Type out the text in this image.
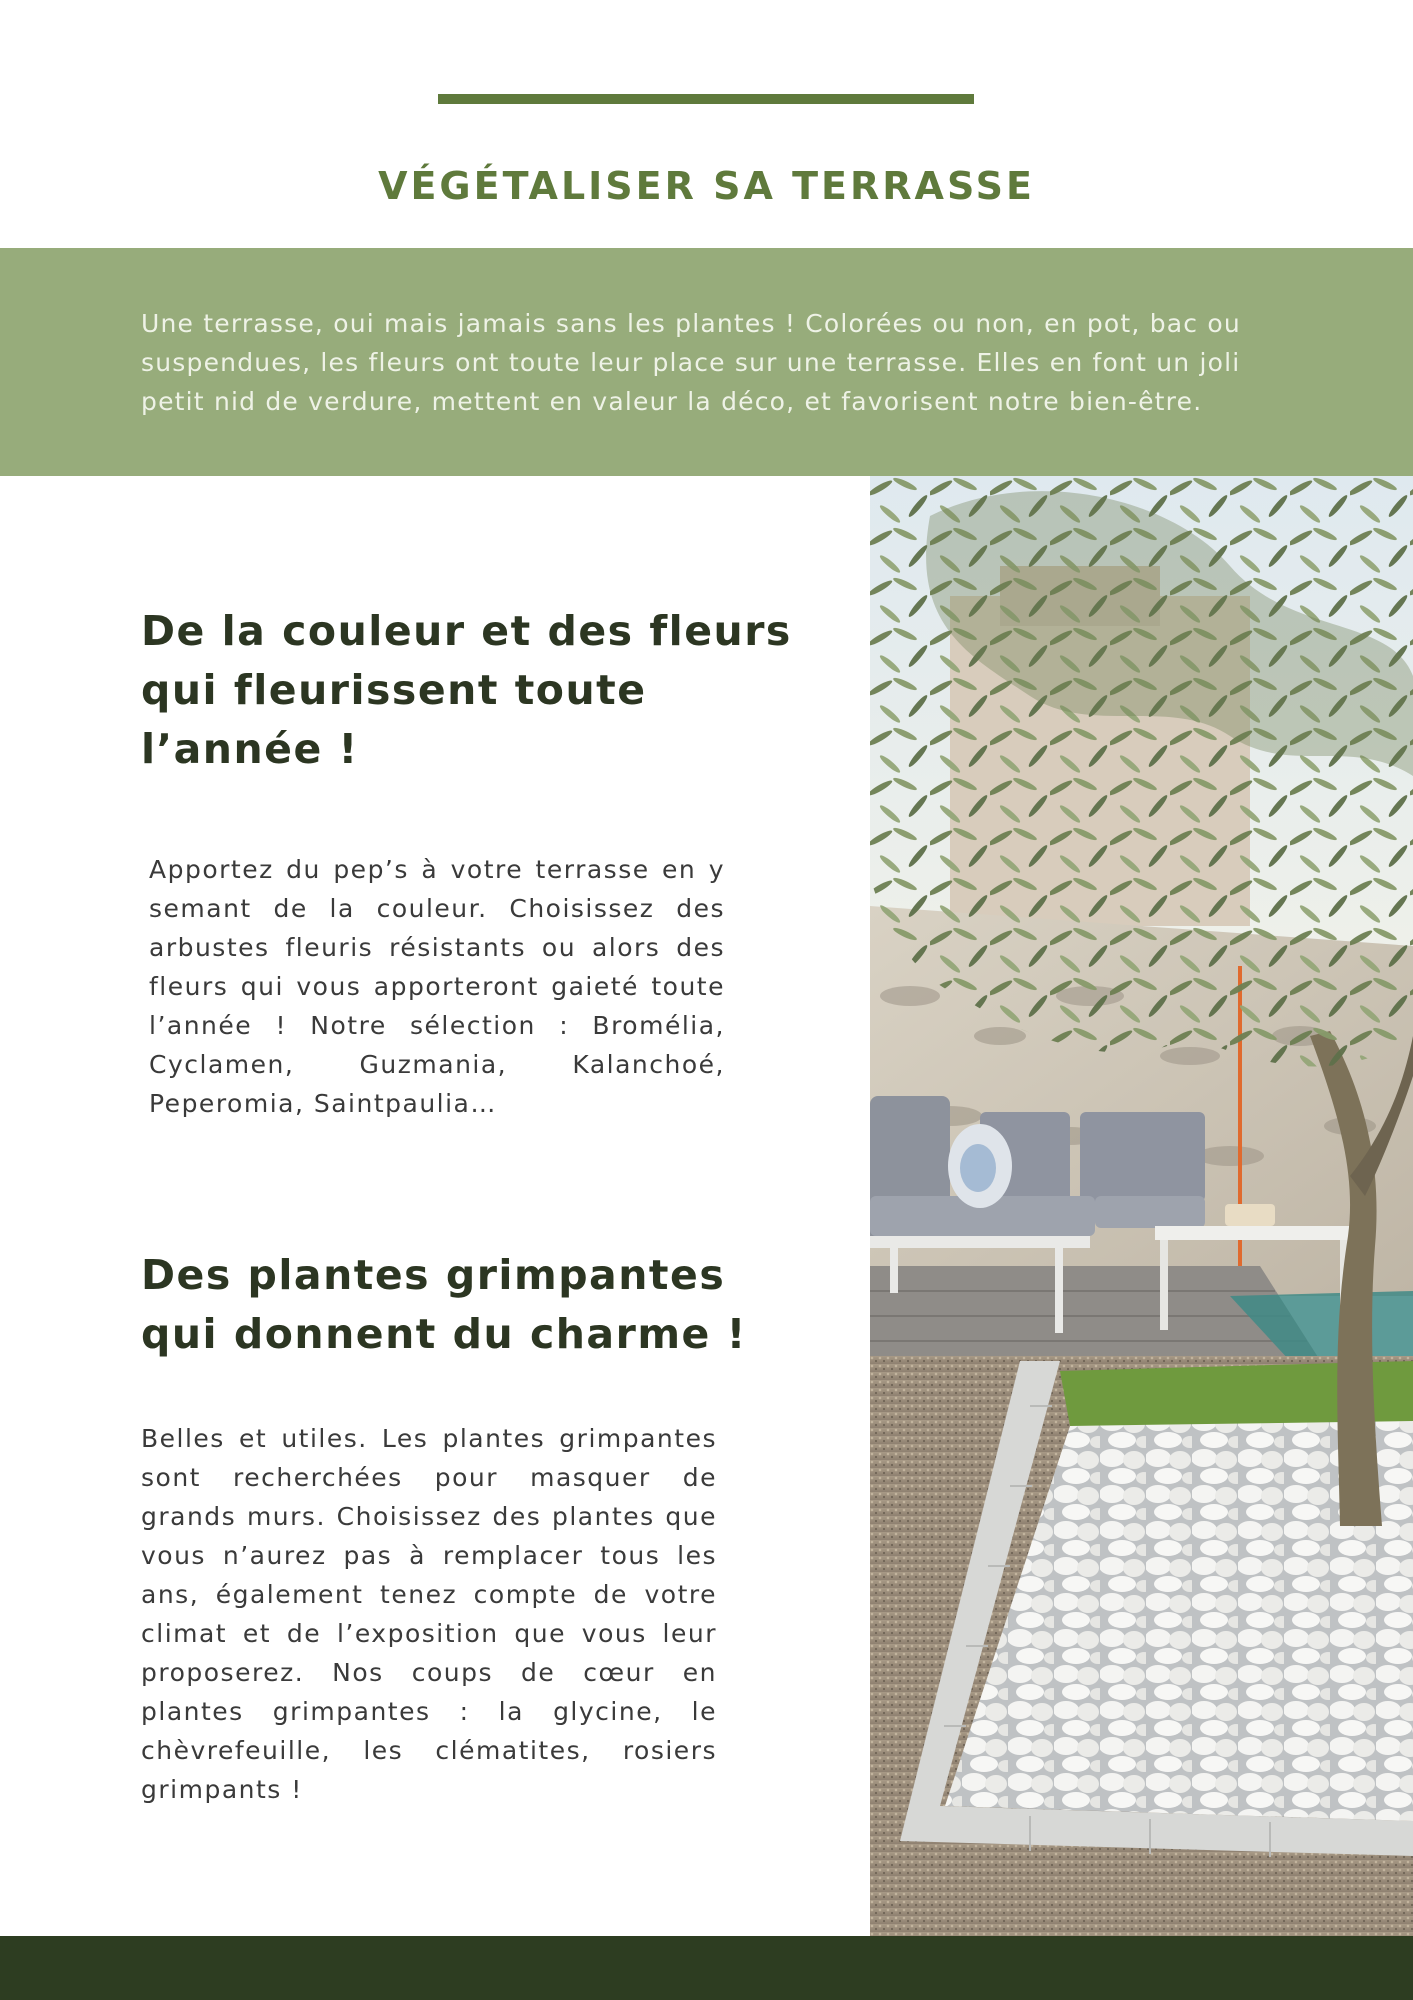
VÉGÉTALISER SA TERRASSE

Une terrasse, oui mais jamais sans les plantes ! Colorées ou non, en pot, bac ou suspendues, les fleurs ont toute leur place sur une terrasse. Elles en font un joli petit nid de verdure, mettent en valeur la déco, et favorisent notre bien-être.

De la couleur et des fleurs qui fleurissent toute l’année !

Apportez du pep’s à votre terrasse en y semant de la couleur. Choisissez des arbustes fleuris résistants ou alors des fleurs qui vous apporteront gaieté toute l’année ! Notre sélection : Bromélia, Cyclamen, Guzmania, Kalanchoé, Peperomia, Saintpaulia…

Des plantes grimpantes qui donnent du charme !

Belles et utiles. Les plantes grimpantes sont recherchées pour masquer de grands murs. Choisissez des plantes que vous n’aurez pas à remplacer tous les ans, également tenez compte de votre climat et de l’exposition que vous leur proposerez. Nos coups de cœur en plantes grimpantes : la glycine, le chèvrefeuille, les clématites, rosiers grimpants !
